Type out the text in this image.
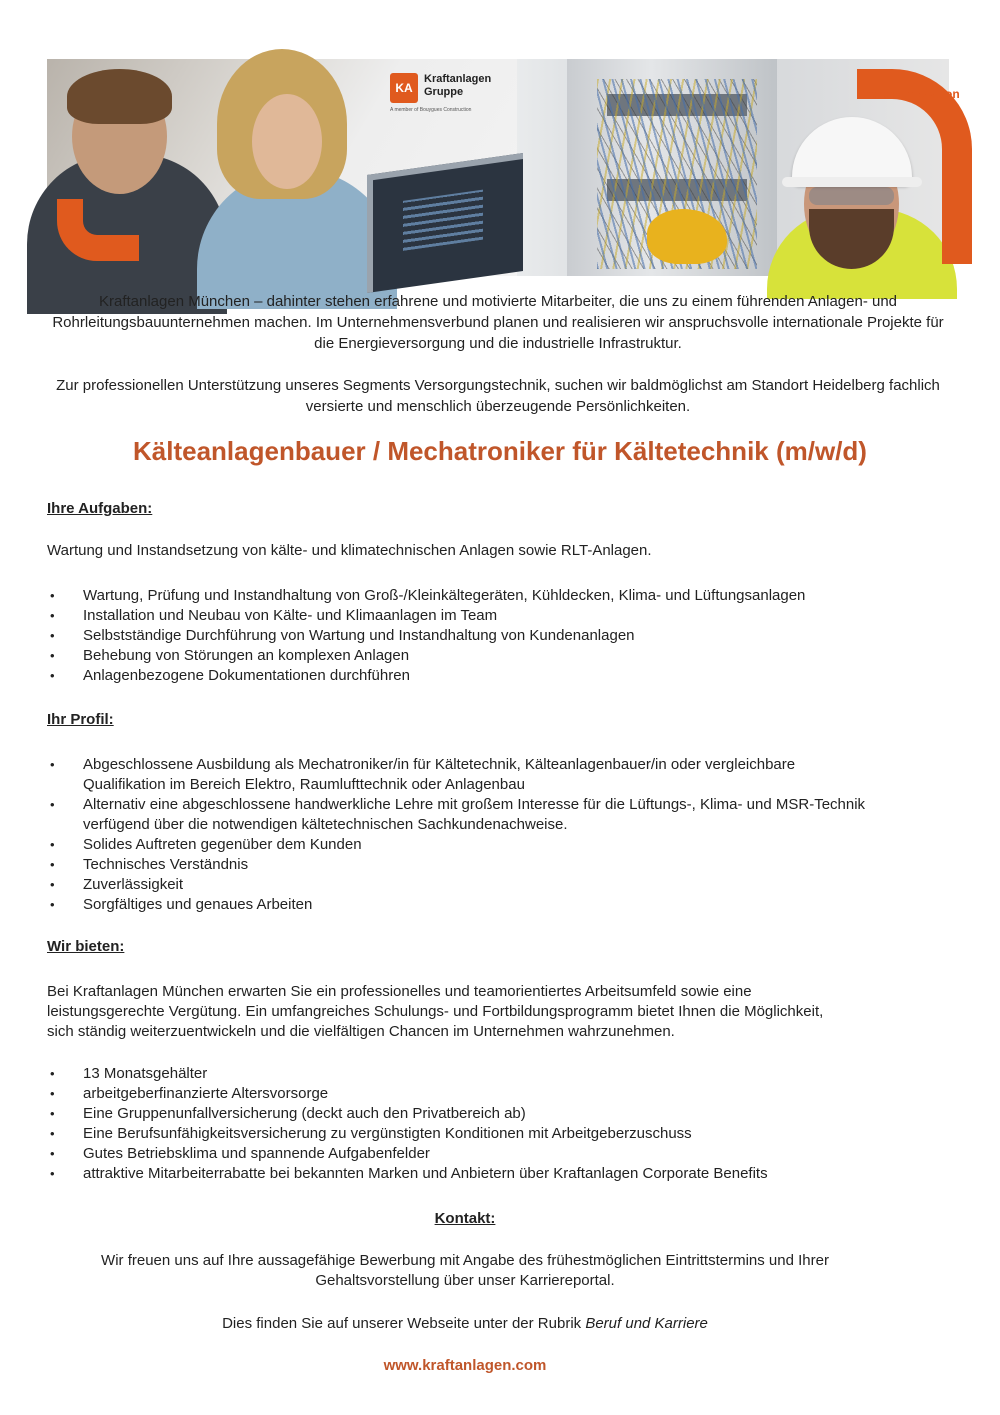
KA
Kraftanlagen
Gruppe
A member of Bouygues Construction
Shared innovation

Kraftanlagen München – dahinter stehen erfahrene und motivierte Mitarbeiter, die uns zu einem führenden Anlagen- und Rohrleitungsbauunternehmen machen. Im Unternehmensverbund planen und realisieren wir anspruchsvolle internationale Projekte für die Energieversorgung und die industrielle Infrastruktur.

Zur professionellen Unterstützung unseres Segments Versorgungstechnik, suchen wir baldmöglichst am Standort Heidelberg fachlich versierte und menschlich überzeugende Persönlichkeiten.

Kälteanlagenbauer / Mechatroniker für Kältetechnik (m/w/d)
Ihre Aufgaben:

Wartung und Instandsetzung von kälte- und klimatechnischen Anlagen sowie RLT-Anlagen.

• Wartung, Prüfung und Instandhaltung von Groß-/Kleinkältegeräten, Kühldecken, Klima- und Lüftungsanlagen
• Installation und Neubau von Kälte- und Klimaanlagen im Team
• Selbstständige Durchführung von Wartung und Instandhaltung von Kundenanlagen
• Behebung von Störungen an komplexen Anlagen
• Anlagenbezogene Dokumentationen durchführen
Ihr Profil:
• Abgeschlossene Ausbildung als Mechatroniker/in für Kältetechnik, Kälteanlagenbauer/in oder vergleichbare Qualifikation im Bereich Elektro, Raumlufttechnik oder Anlagenbau
• Alternativ eine abgeschlossene handwerkliche Lehre mit großem Interesse für die Lüftungs-, Klima- und MSR-Technik verfügend über die notwendigen kältetechnischen Sachkundenachweise.
• Solides Auftreten gegenüber dem Kunden
• Technisches Verständnis
• Zuverlässigkeit
• Sorgfältiges und genaues Arbeiten
Wir bieten:

Bei Kraftanlagen München erwarten Sie ein professionelles und teamorientiertes Arbeitsumfeld sowie eine leistungsgerechte Vergütung. Ein umfangreiches Schulungs- und Fortbildungsprogramm bietet Ihnen die Möglichkeit, sich ständig weiterzuentwickeln und die vielfältigen Chancen im Unternehmen wahrzunehmen.

• 13 Monatsgehälter
• arbeitgeberfinanzierte Altersvorsorge
• Eine Gruppenunfallversicherung (deckt auch den Privatbereich ab)
• Eine Berufsunfähigkeitsversicherung zu vergünstigten Konditionen mit Arbeitgeberzuschuss
• Gutes Betriebsklima und spannende Aufgabenfelder
• attraktive Mitarbeiterrabatte bei bekannten Marken und Anbietern über Kraftanlagen Corporate Benefits
Kontakt:

Wir freuen uns auf Ihre aussagefähige Bewerbung mit Angabe des frühestmöglichen Eintrittstermins und Ihrer Gehaltsvorstellung über unser Karriereportal.

Dies finden Sie auf unserer Webseite unter der Rubrik Beruf und Karriere

www.kraftanlagen.com
